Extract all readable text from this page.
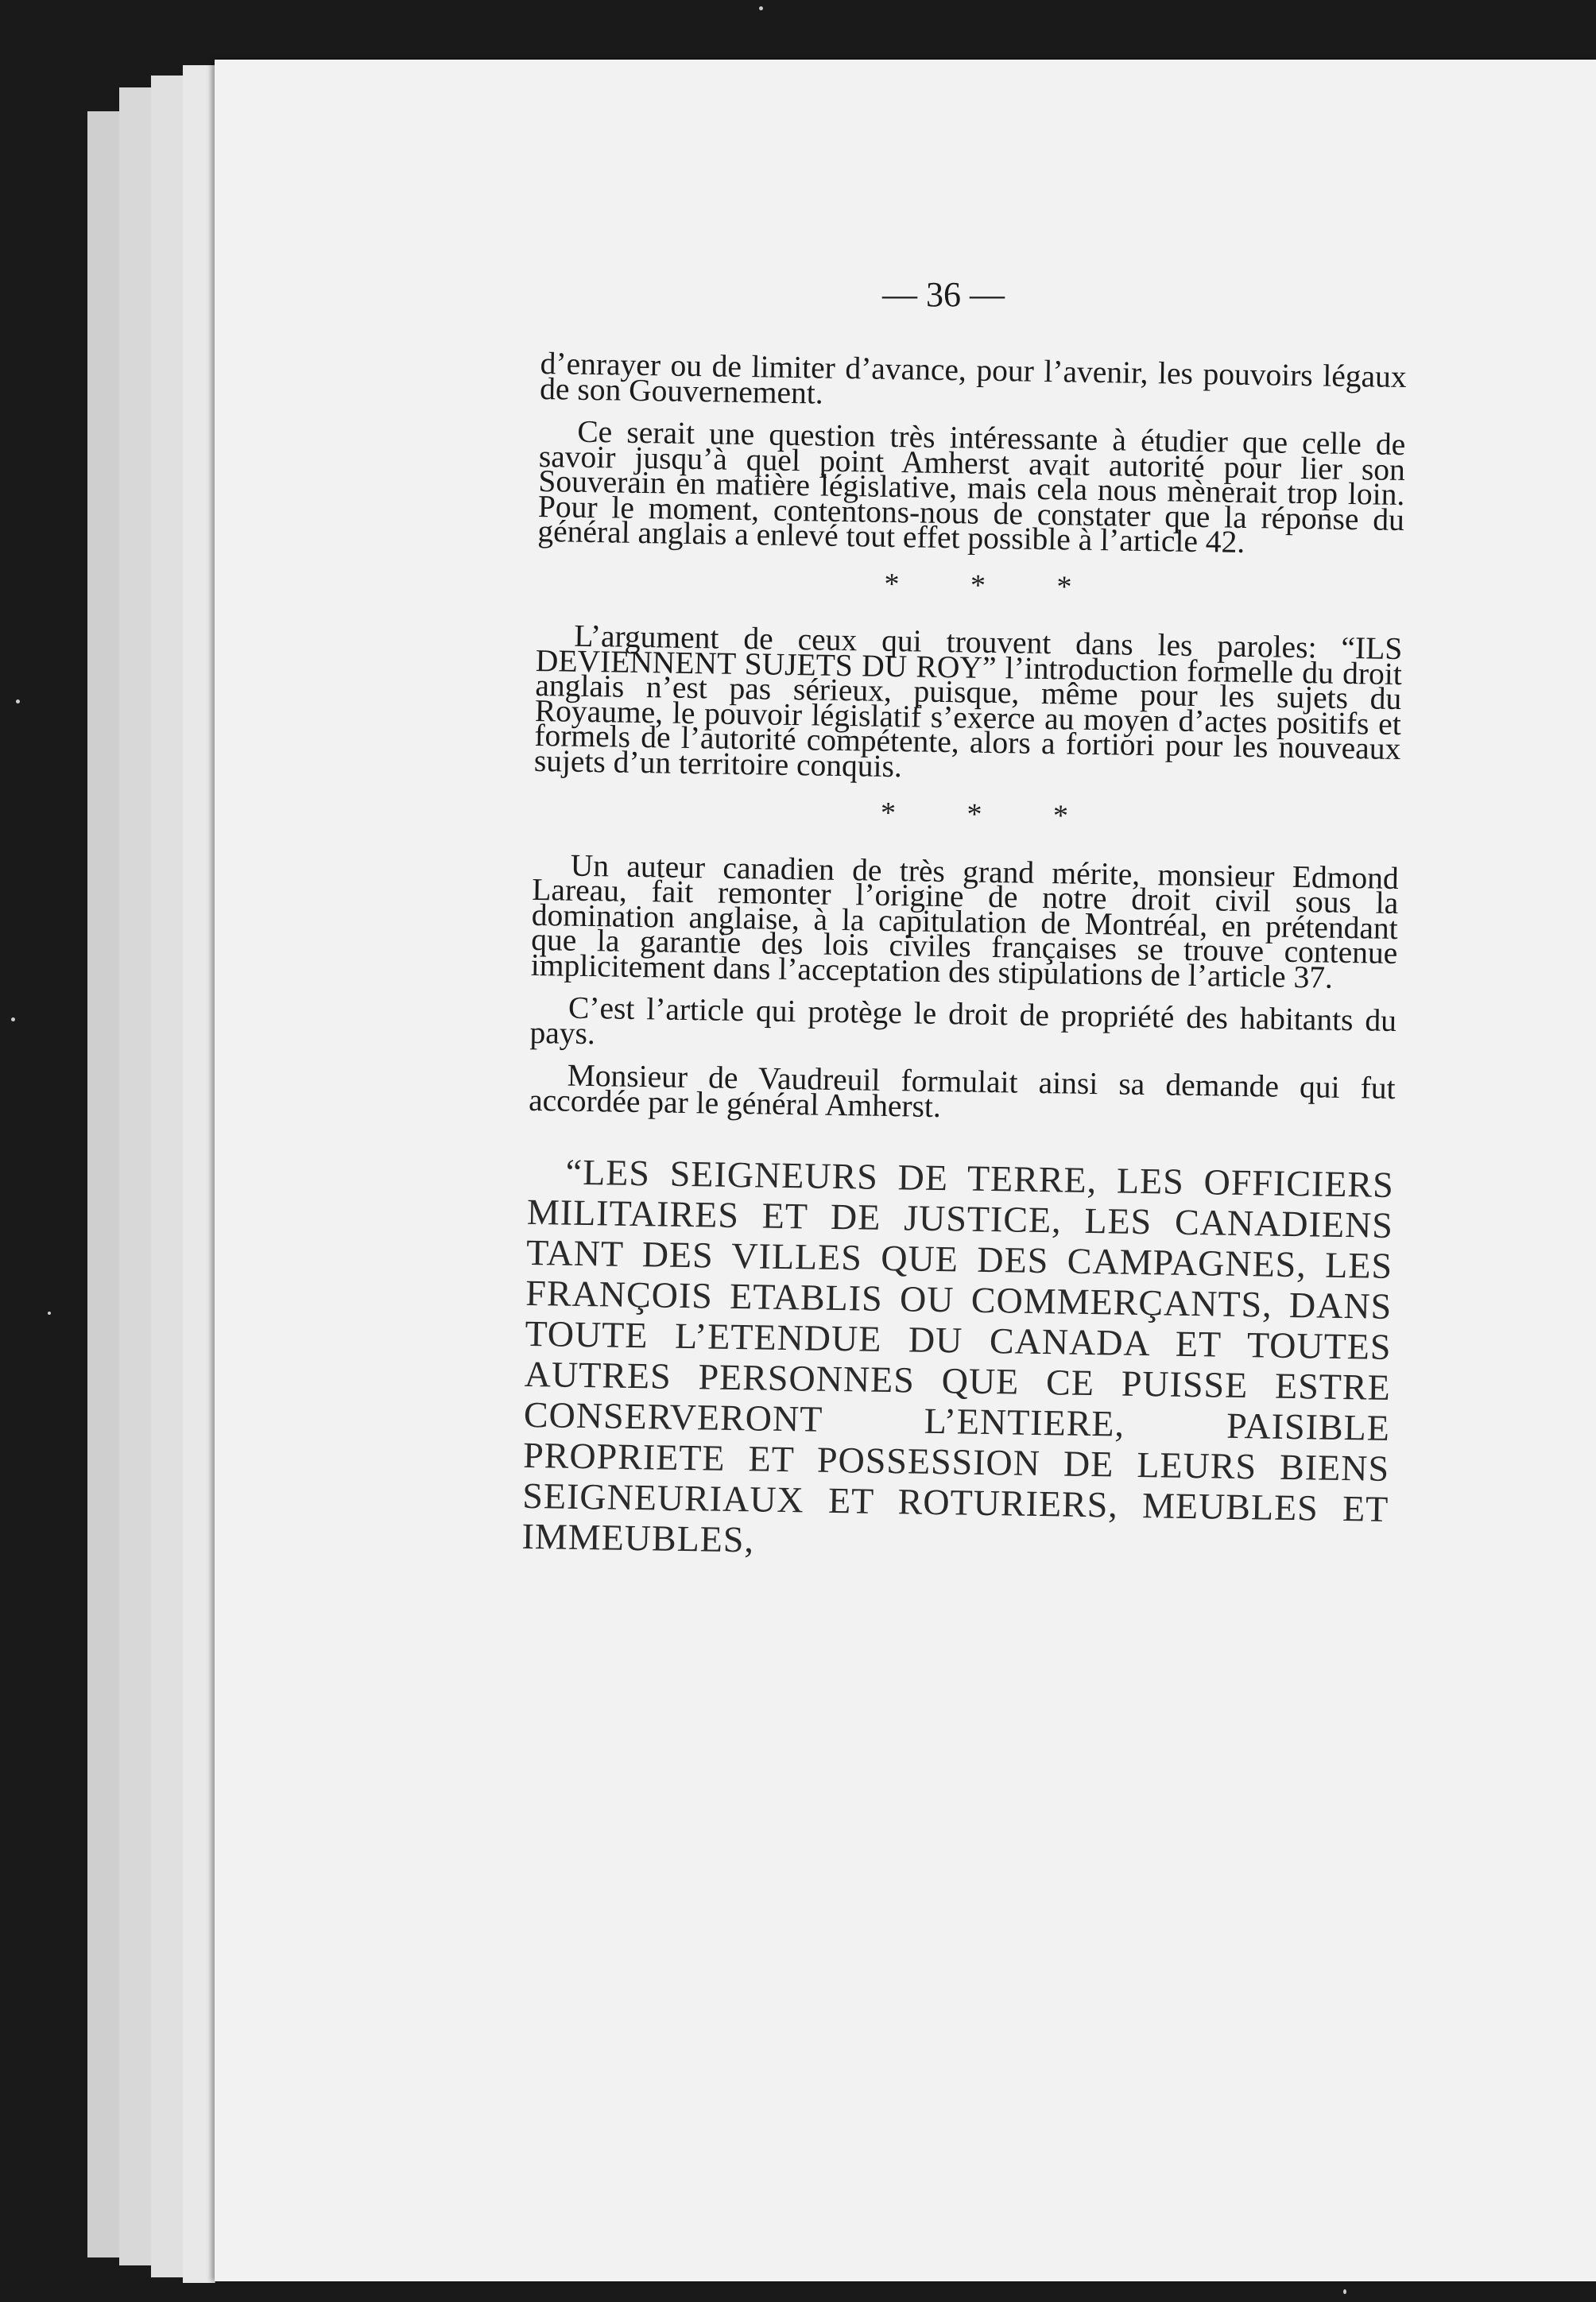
— 36 —

d’enrayer ou de limiter d’avance, pour l’avenir, les pouvoirs légaux de son Gouvernement.

Ce serait une question très intéressante à étudier que celle de savoir jusqu’à quel point Amherst avait autorité pour lier son Souverain en matière législative, mais cela nous mènerait trop loin. Pour le moment, contentons-nous de constater que la réponse du général anglais a enlevé tout effet possible à l’article 42.

* * *

L’argument de ceux qui trouvent dans les paroles: “ILS DEVIENNENT SUJETS DU ROY” l’introduction formelle du droit anglais n’est pas sérieux, puisque, même pour les sujets du Royaume, le pouvoir législatif s’exerce au moyen d’actes positifs et formels de l’autorité compétente, alors a fortiori pour les nouveaux sujets d’un territoire conquis.

* * *

Un auteur canadien de très grand mérite, monsieur Edmond Lareau, fait remonter l’origine de notre droit civil sous la domination anglaise, à la capitulation de Montréal, en prétendant que la garantie des lois civiles françaises se trouve contenue implicitement dans l’acceptation des stipulations de l’article 37.

C’est l’article qui protège le droit de propriété des habitants du pays.

Monsieur de Vaudreuil formulait ainsi sa demande qui fut accordée par le général Amherst.

“LES SEIGNEURS DE TERRE, LES OFFICIERS MILITAIRES ET DE JUSTICE, LES CANADIENS TANT DES VILLES QUE DES CAMPAGNES, LES FRANÇOIS ETABLIS OU COMMERÇANTS, DANS TOUTE L’ETENDUE DU CANADA ET TOUTES AUTRES PERSONNES QUE CE PUISSE ESTRE CONSERVERONT L’ENTIERE, PAISIBLE PROPRIETE ET POSSESSION DE LEURS BIENS SEIGNEURIAUX ET ROTURIERS, MEUBLES ET IMMEUBLES,
